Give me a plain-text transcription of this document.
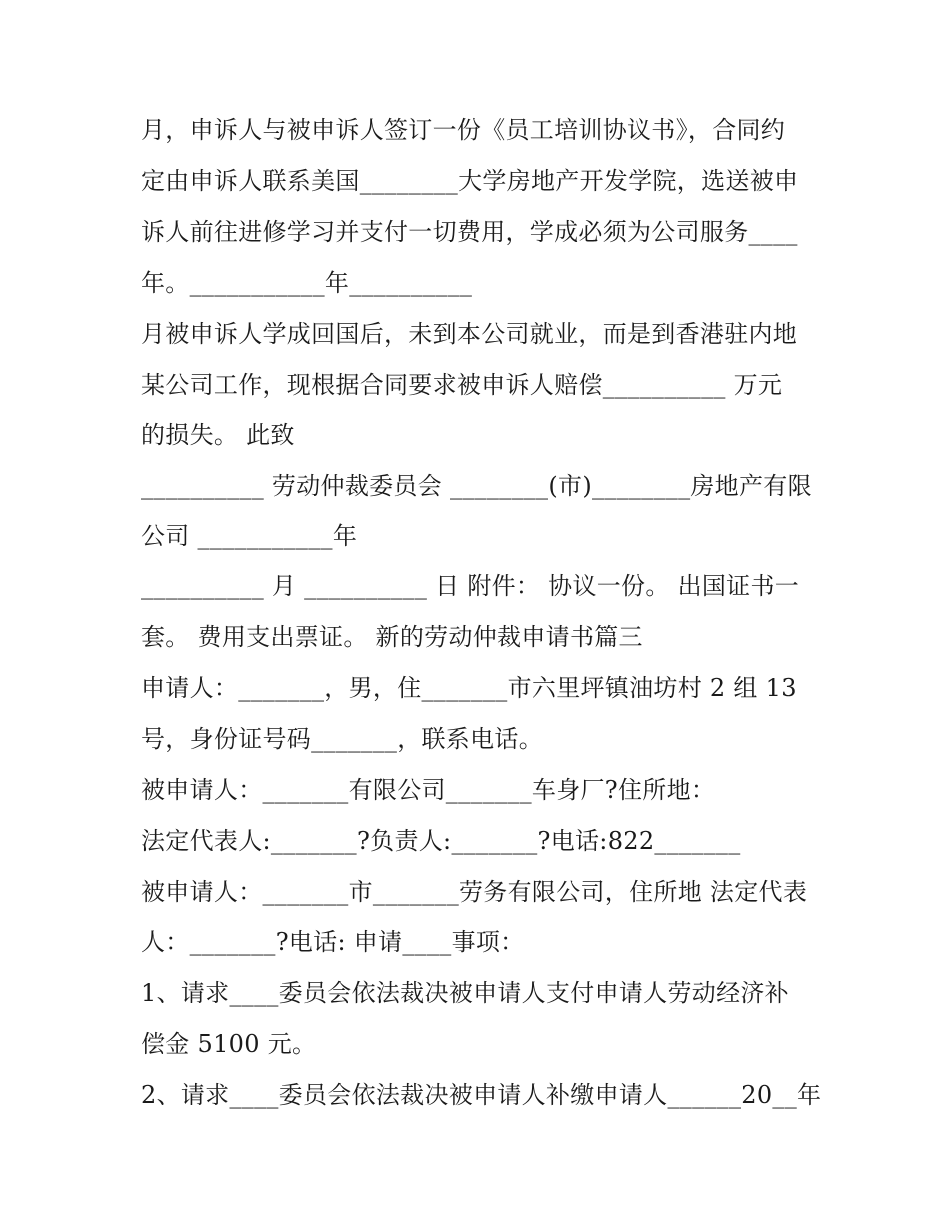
月，申诉人与被申诉人签订一份《员工培训协议书》，合同约
定由申诉人联系美国________大学房地产开发学院，选送被申
诉人前往进修学习并支付一切费用，学成必须为公司服务____
年。___________年__________
月被申诉人学成回国后，未到本公司就业，而是到香港驻内地
某公司工作，现根据合同要求被申诉人赔偿__________ 万元
的损失。 此致
__________ 劳动仲裁委员会 ________(市)________房地产有限
公司 ___________年
__________ 月 __________ 日 附件： 协议一份。 出国证书一
套。 费用支出票证。 新的劳动仲裁申请书篇三
申请人：_______，男，住_______市六里坪镇油坊村 2 组 13
号，身份证号码_______，联系电话。
被申请人：_______有限公司_______车身厂?住所地：
法定代表人:_______?负责人:_______?电话:822_______
被申请人：_______市_______劳务有限公司，住所地 法定代表
人：_______?电话: 申请____事项：
1、请求____委员会依法裁决被申请人支付申请人劳动经济补
偿金 5100 元。
2、请求____委员会依法裁决被申请人补缴申请人______20__年
